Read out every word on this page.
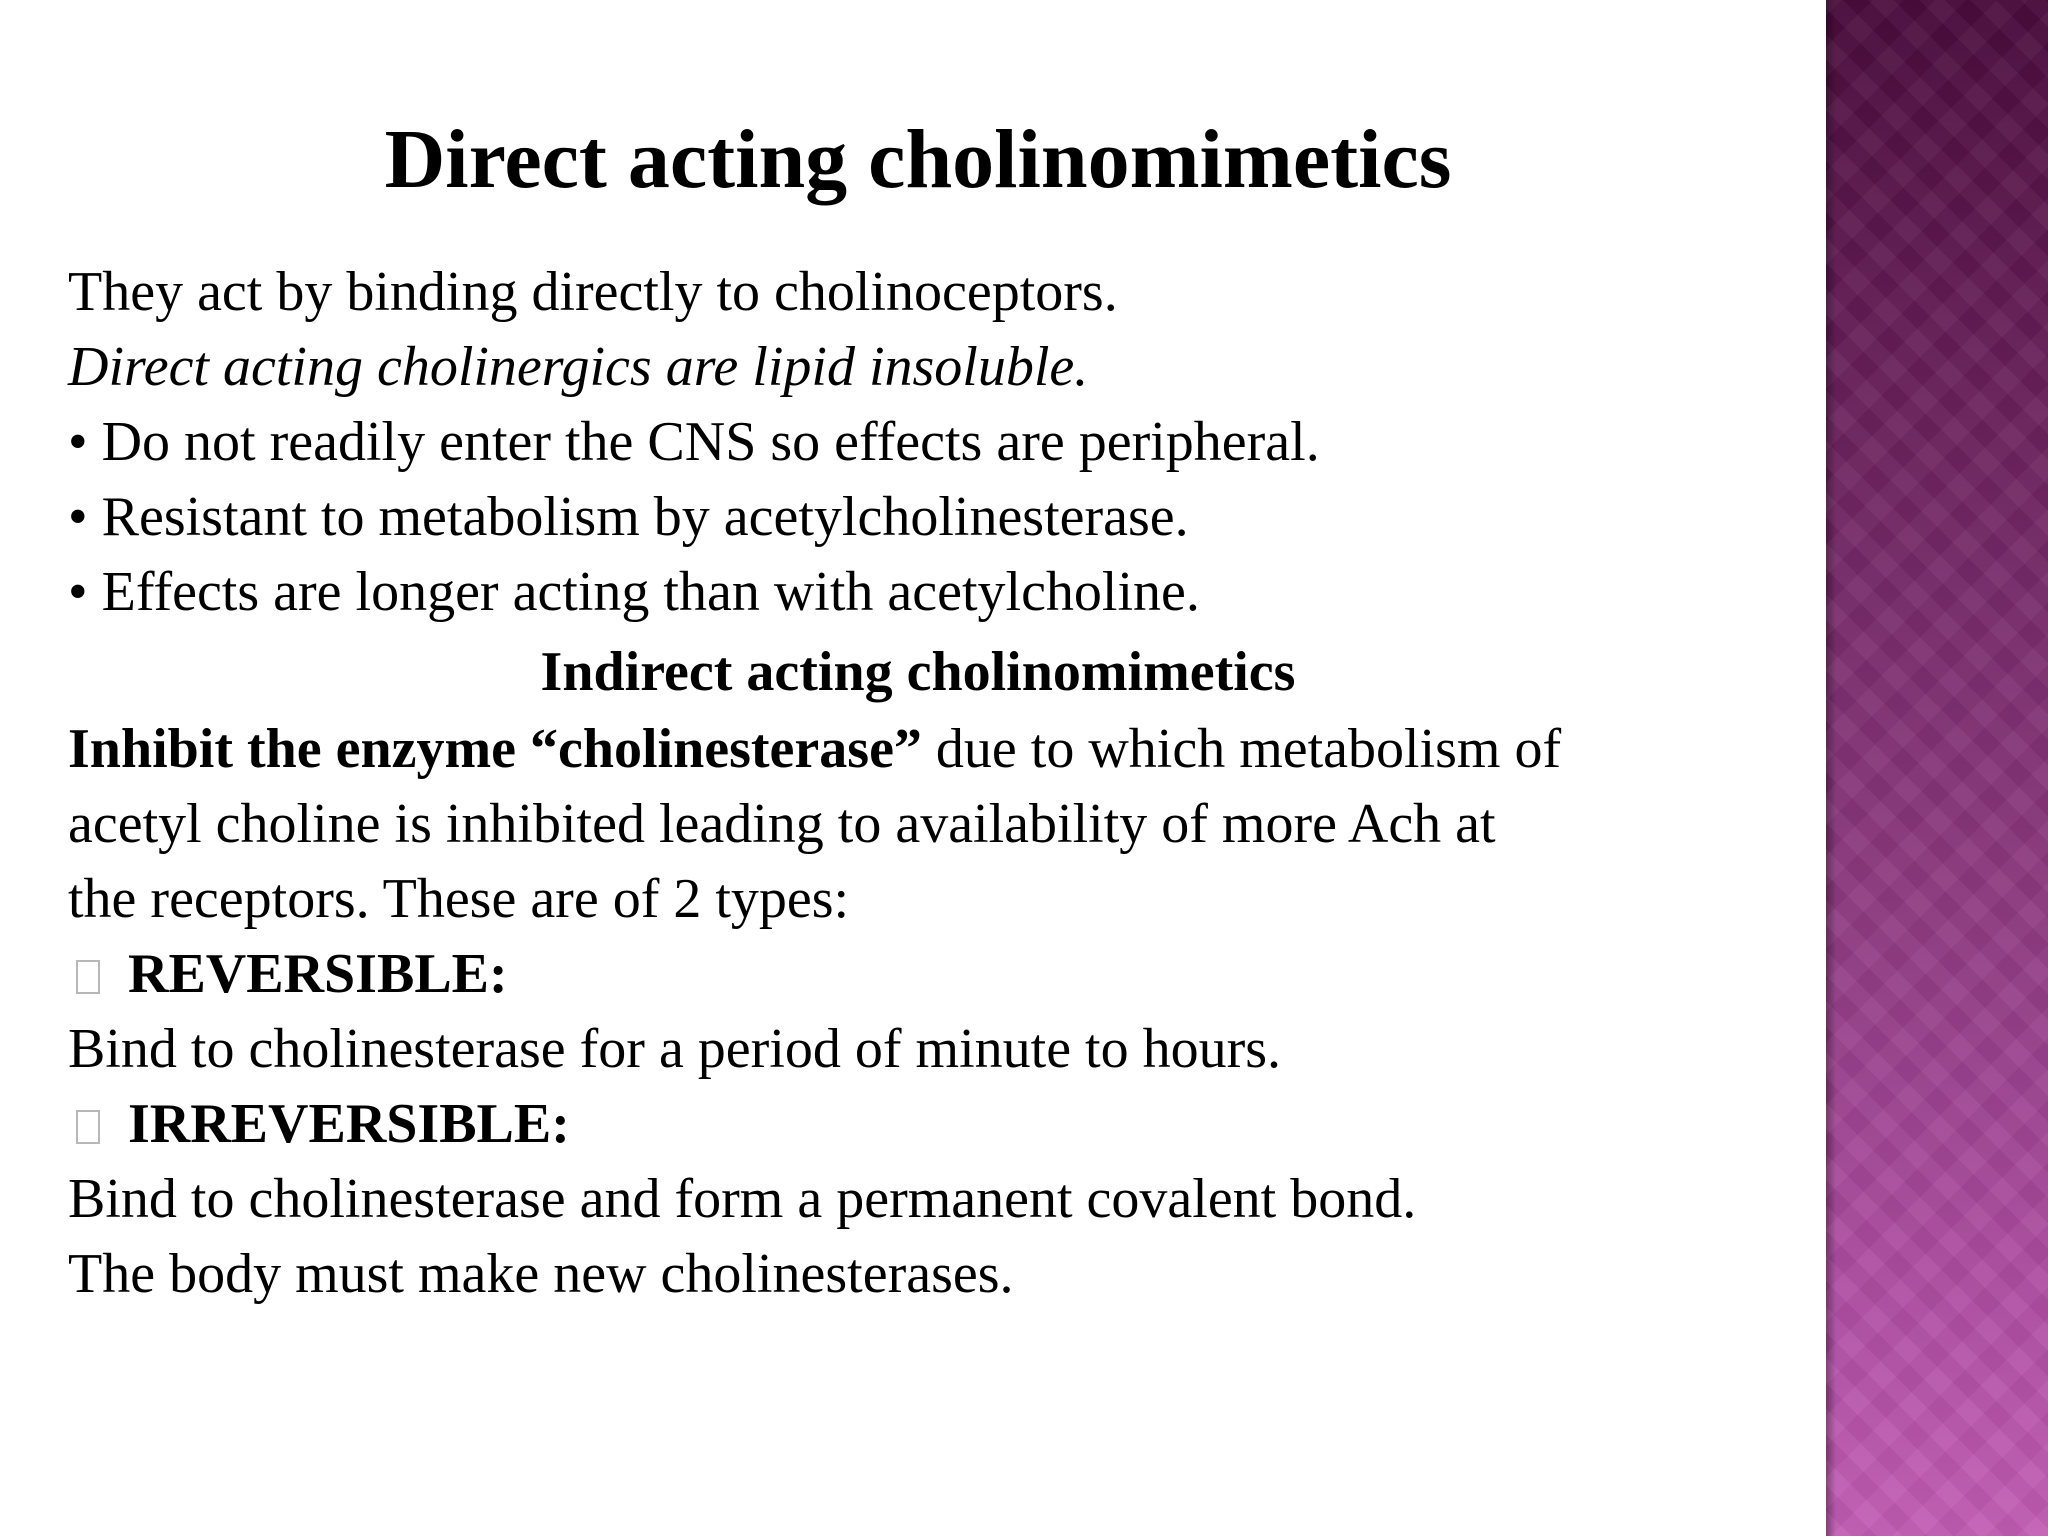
Direct acting cholinomimetics
They act by binding directly to cholinoceptors.
Direct acting cholinergics are lipid insoluble.
• Do not readily enter the CNS so effects are peripheral.
• Resistant to metabolism by acetylcholinesterase.
• Effects are longer acting than with acetylcholine.
Indirect acting cholinomimetics
Inhibit the enzyme “cholinesterase” due to which metabolism of
acetyl choline is inhibited leading to availability of more Ach at
the receptors. These are of 2 types:
REVERSIBLE:
Bind to cholinesterase for a period of minute to hours.
IRREVERSIBLE:
Bind to cholinesterase and form a permanent covalent bond.
The body must make new cholinesterases.
